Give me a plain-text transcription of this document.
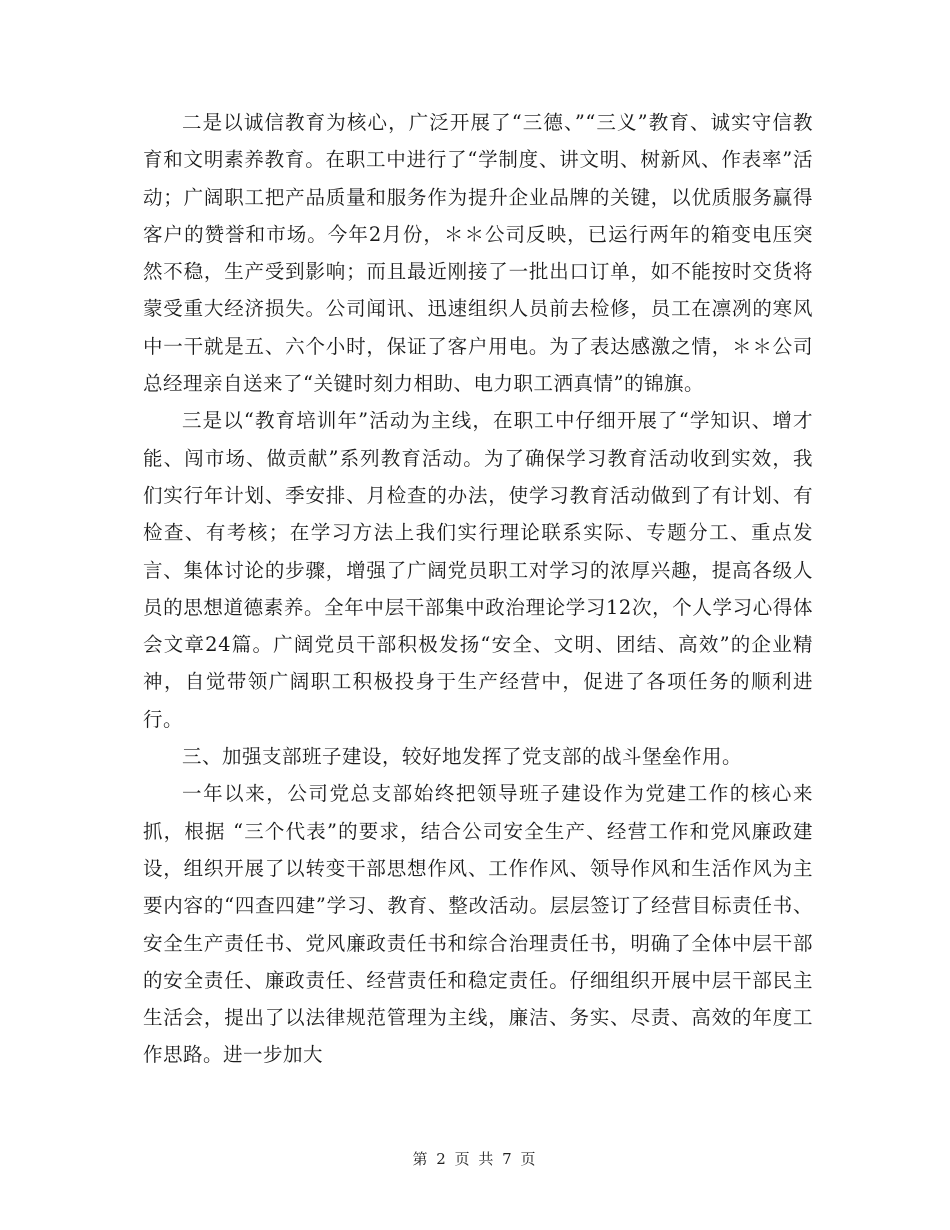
二是以诚信教育为核心，广泛开展了“三德、”“三义”教育、诚实守信教育和文明素养教育。在职工中进行了“学制度、讲文明、树新风、作表率”活动；广阔职工把产品质量和服务作为提升企业品牌的关键，以优质服务赢得客户的赞誉和市场。今年2月份，＊＊公司反映，已运行两年的箱变电压突然不稳，生产受到影响；而且最近刚接了一批出口订单，如不能按时交货将蒙受重大经济损失。公司闻讯、迅速组织人员前去检修，员工在凛冽的寒风中一干就是五、六个小时，保证了客户用电。为了表达感激之情，＊＊公司总经理亲自送来了“关键时刻力相助、电力职工洒真情”的锦旗。

三是以“教育培训年”活动为主线，在职工中仔细开展了“学知识、增才能、闯市场、做贡献”系列教育活动。为了确保学习教育活动收到实效，我们实行年计划、季安排、月检查的办法，使学习教育活动做到了有计划、有检查、有考核；在学习方法上我们实行理论联系实际、专题分工、重点发言、集体讨论的步骤，增强了广阔党员职工对学习的浓厚兴趣，提高各级人员的思想道德素养。全年中层干部集中政治理论学习12次，个人学习心得体会文章24篇。广阔党员干部积极发扬“安全、文明、团结、高效”的企业精神，自觉带领广阔职工积极投身于生产经营中，促进了各项任务的顺利进行。

三、加强支部班子建设，较好地发挥了党支部的战斗堡垒作用。

一年以来，公司党总支部始终把领导班子建设作为党建工作的核心来抓，根据 “三个代表”的要求，结合公司安全生产、经营工作和党风廉政建设，组织开展了以转变干部思想作风、工作作风、领导作风和生活作风为主要内容的“四查四建”学习、教育、整改活动。层层签订了经营目标责任书、安全生产责任书、党风廉政责任书和综合治理责任书，明确了全体中层干部的安全责任、廉政责任、经营责任和稳定责任。仔细组织开展中层干部民主生活会，提出了以法律规范管理为主线，廉洁、务实、尽责、高效的年度工作思路。进一步加大

第 2 页 共 7 页
